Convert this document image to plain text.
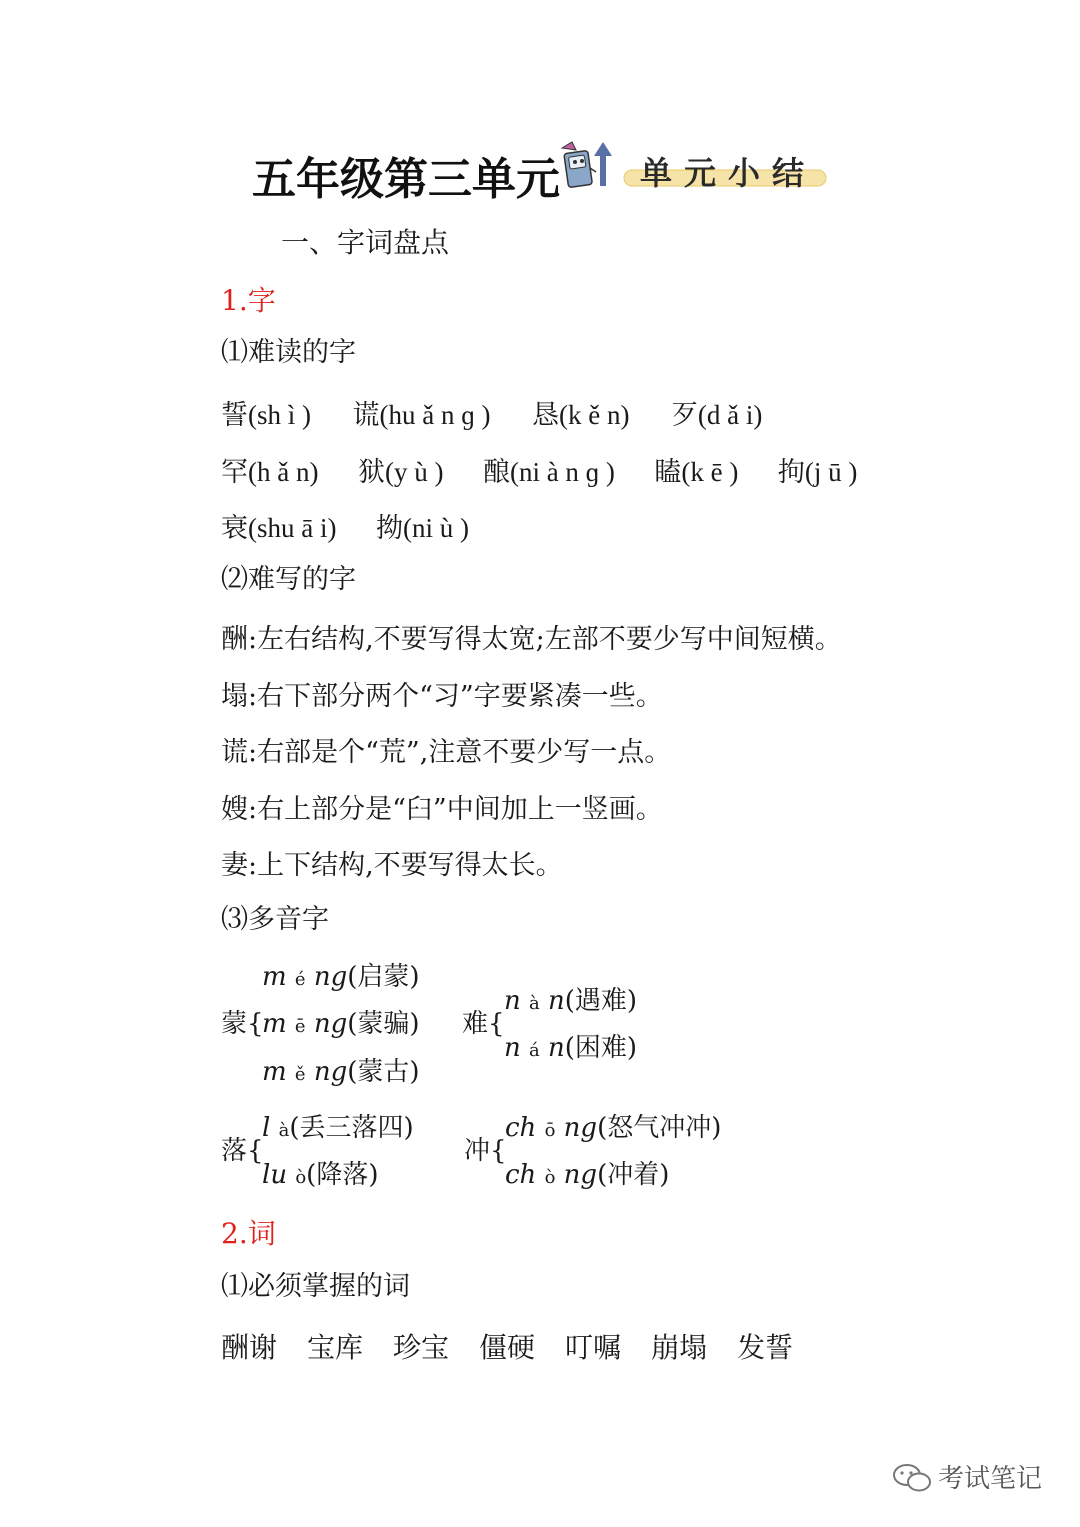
五年级第三单元	单元小结
一、字词盘点
1.字
⑴难读的字
誓(sh ì ) 谎(hu ǎ n ɡ ) 恳(k ě n) 歹(d ǎ i)
罕(h ǎ n) 狱(y ù ) 酿(ni à n ɡ ) 瞌(k ē ) 拘(j ū )
衰(shu ā i) 拗(ni ù )
⑵难写的字
酬:左右结构,不要写得太宽;左部不要少写中间短横。
塌:右下部分两个“习”字要紧凑一些。
谎:右部是个“荒”,注意不要少写一点。
嫂:右上部分是“臼”中间加上一竖画。
妻:上下结构,不要写得太长。
⑶多音字
蒙{
m é ng(启蒙)
m ē ng(蒙骗)
m ě ng(蒙古)
难{
n à n(遇难)
n á n(困难)
落{
l à(丢三落四)
lu ò(降落)
冲{
ch ō ng(怒气冲冲)
ch ò ng(冲着)
2.词
⑴必须掌握的词
酬谢 宝库 珍宝 僵硬 叮嘱 崩塌 发誓
考试笔记
